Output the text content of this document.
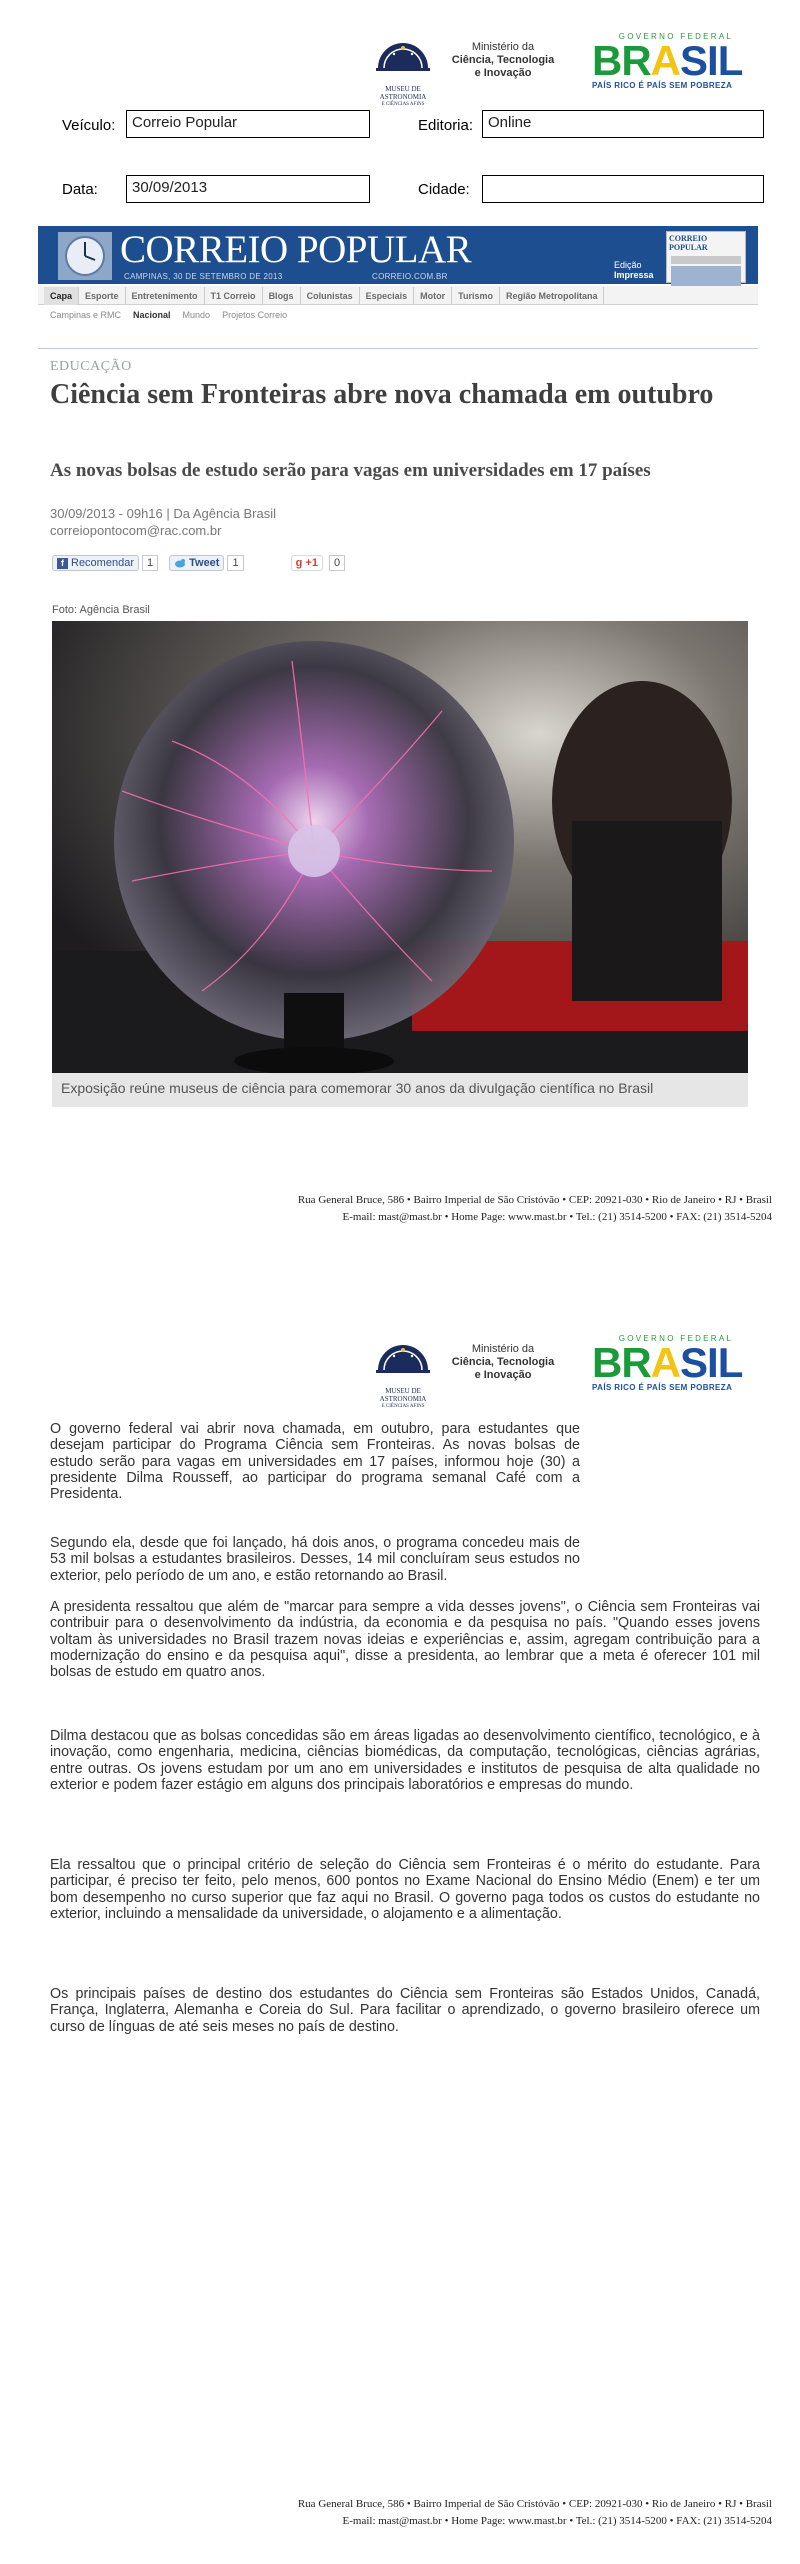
MUSEU DE
ASTRONOMIA
E CIÊNCIAS AFINS
Ministério da
Ciência, Tecnologia
e Inovação
GOVERNO FEDERAL
BRASIL
PAÍS RICO É PAÍS SEM POBREZA
Veículo:	Correio Popular	Editoria: Online
Data:	30/09/2013	Cidade:
CORREIO POPULAR
CAMPINAS, 30 DE SETEMBRO DE 2013	CORREIO.COM.BR
Edição
Impressa
CORREIO POPULAR
Capa Esporte Entretenimento T1 Correio Blogs Colunistas Especiais Motor Turismo Região Metropolitana
Campinas e RMC Nacional Mundo Projetos Correio
EDUCAÇÃO
Ciência sem Fronteiras abre nova chamada em outubro
As novas bolsas de estudo serão para vagas em universidades em 17 países
30/09/2013 - 09h16 | Da Agência Brasil
correiopontocom@rac.com.br
f Recomendar	1	Tweet	1	g +1	0
Foto: Agência Brasil
Exposição reúne museus de ciência para comemorar 30 anos da divulgação científica no Brasil
Rua General Bruce, 586 • Bairro Imperial de São Cristóvão • CEP: 20921-030 • Rio de Janeiro • RJ • Brasil
E-mail: mast@mast.br • Home Page: www.mast.br • Tel.: (21) 3514-5200 • FAX: (21) 3514-5204
MUSEU DE
ASTRONOMIA
E CIÊNCIAS AFINS
Ministério da
Ciência, Tecnologia
e Inovação
GOVERNO FEDERAL
BRASIL
PAÍS RICO É PAÍS SEM POBREZA
O governo federal vai abrir nova chamada, em outubro, para estudantes que desejam participar do Programa Ciência sem Fronteiras. As novas bolsas de estudo serão para vagas em universidades em 17 países, informou hoje (30) a presidente Dilma Rousseff, ao participar do programa semanal Café com a Presidenta.
Segundo ela, desde que foi lançado, há dois anos, o programa concedeu mais de 53 mil bolsas a estudantes brasileiros. Desses, 14 mil concluíram seus estudos no exterior, pelo período de um ano, e estão retornando ao Brasil.
A presidenta ressaltou que além de "marcar para sempre a vida desses jovens", o Ciência sem Fronteiras vai contribuir para o desenvolvimento da indústria, da economia e da pesquisa no país. "Quando esses jovens voltam às universidades no Brasil trazem novas ideias e experiências e, assim, agregam contribuição para a modernização do ensino e da pesquisa aqui", disse a presidenta, ao lembrar que a meta é oferecer 101 mil bolsas de estudo em quatro anos.
Dilma destacou que as bolsas concedidas são em áreas ligadas ao desenvolvimento científico, tecnológico, e à inovação, como engenharia, medicina, ciências biomédicas, da computação, tecnológicas, ciências agrárias, entre outras. Os jovens estudam por um ano em universidades e institutos de pesquisa de alta qualidade no exterior e podem fazer estágio em alguns dos principais laboratórios e empresas do mundo.
Ela ressaltou que o principal critério de seleção do Ciência sem Fronteiras é o mérito do estudante. Para participar, é preciso ter feito, pelo menos, 600 pontos no Exame Nacional do Ensino Médio (Enem) e ter um bom desempenho no curso superior que faz aqui no Brasil. O governo paga todos os custos do estudante no exterior, incluindo a mensalidade da universidade, o alojamento e a alimentação.
Os principais países de destino dos estudantes do Ciência sem Fronteiras são Estados Unidos, Canadá, França, Inglaterra, Alemanha e Coreia do Sul. Para facilitar o aprendizado, o governo brasileiro oferece um curso de línguas de até seis meses no país de destino.
Rua General Bruce, 586 • Bairro Imperial de São Cristóvão • CEP: 20921-030 • Rio de Janeiro • RJ • Brasil
E-mail: mast@mast.br • Home Page: www.mast.br • Tel.: (21) 3514-5200 • FAX: (21) 3514-5204
